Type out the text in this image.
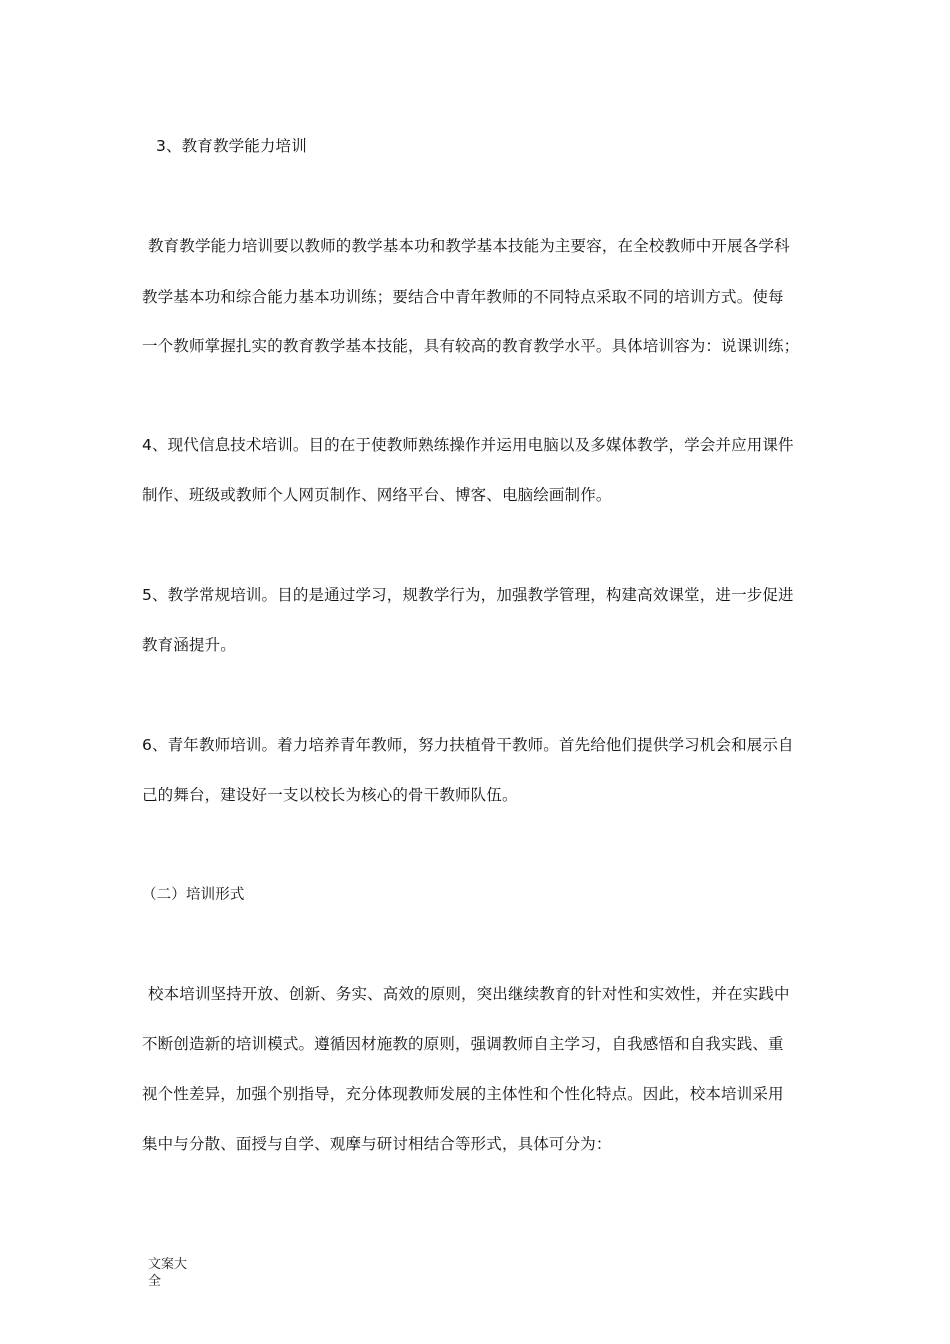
3、教育教学能力培训
教育教学能力培训要以教师的教学基本功和教学基本技能为主要容，在全校教师中开展各学科
教学基本功和综合能力基本功训练；要结合中青年教师的不同特点采取不同的培训方式。使每
一个教师掌握扎实的教育教学基本技能，具有较高的教育教学水平。具体培训容为：说课训练；
4、现代信息技术培训。目的在于使教师熟练操作并运用电脑以及多媒体教学，学会并应用课件
制作、班级或教师个人网页制作、网络平台、博客、电脑绘画制作。
5、教学常规培训。目的是通过学习，规教学行为，加强教学管理，构建高效课堂，进一步促进
教育涵提升。
6、青年教师培训。着力培养青年教师，努力扶植骨干教师。首先给他们提供学习机会和展示自
己的舞台，建设好一支以校长为核心的骨干教师队伍。
（二）培训形式
校本培训坚持开放、创新、务实、高效的原则，突出继续教育的针对性和实效性，并在实践中
不断创造新的培训模式。遵循因材施教的原则，强调教师自主学习，自我感悟和自我实践、重
视个性差异，加强个别指导，充分体现教师发展的主体性和个性化特点。因此，校本培训采用
集中与分散、面授与自学、观摩与研讨相结合等形式，具体可分为：
文案大
全
